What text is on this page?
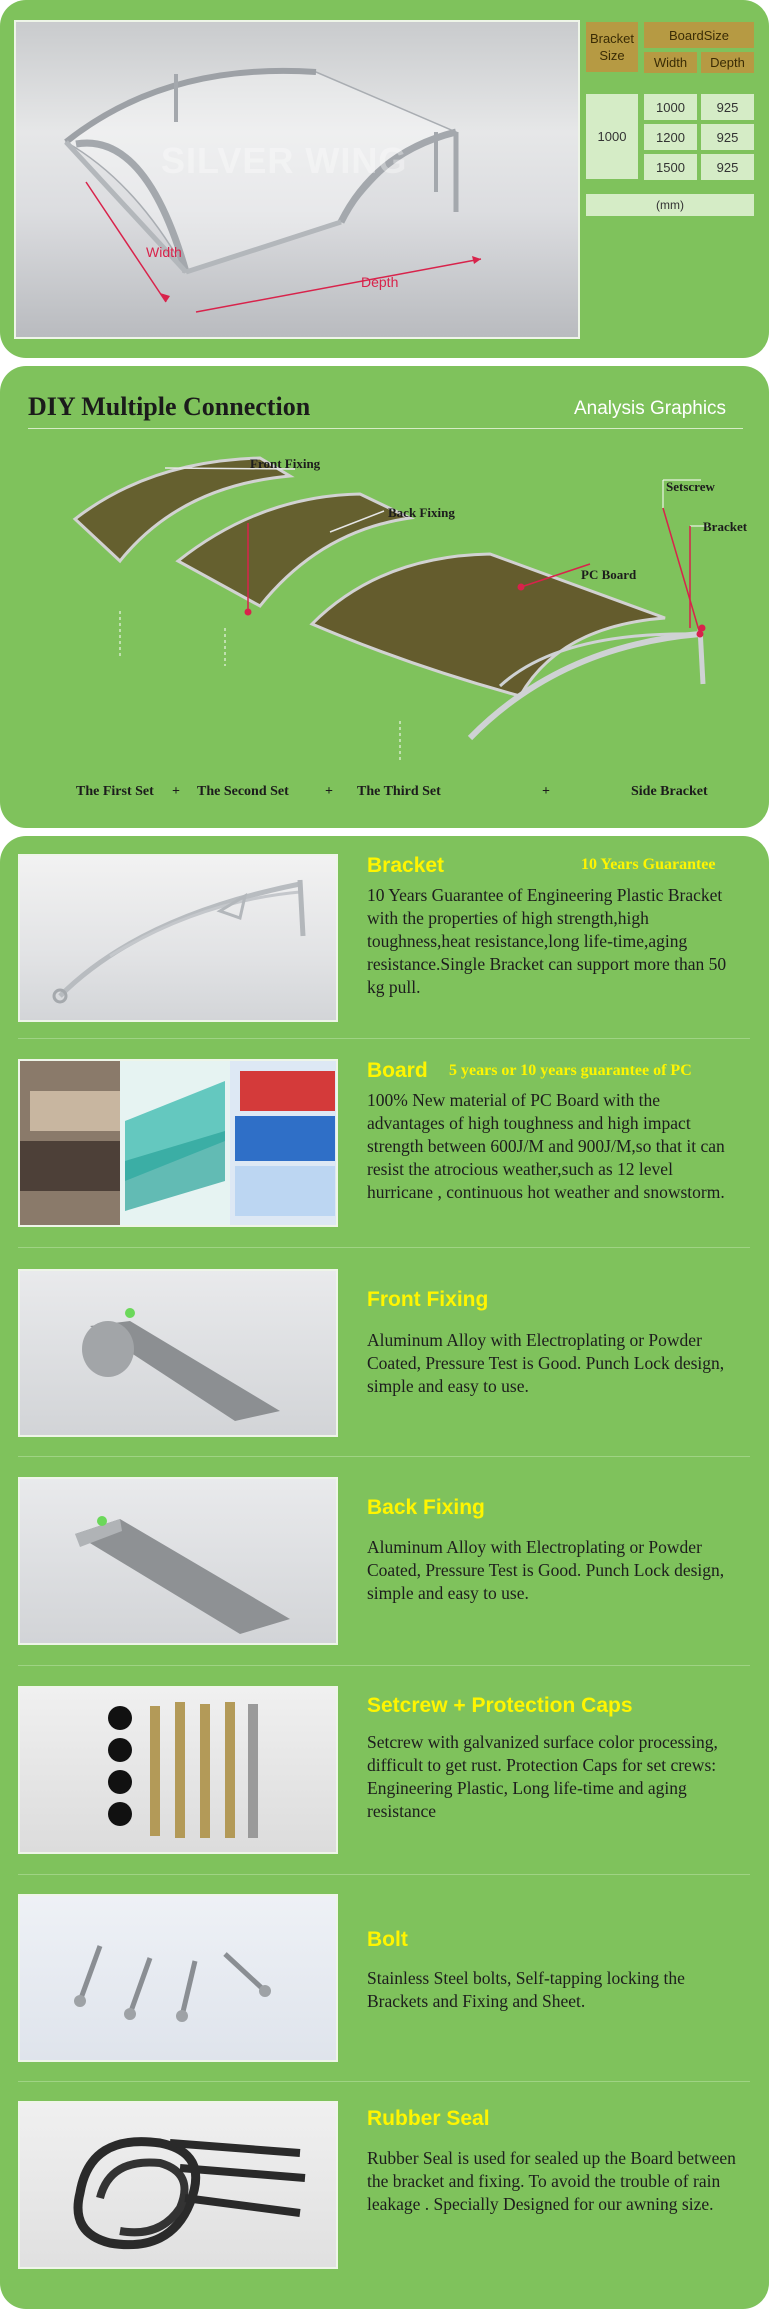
SILVER WING
Width
Depth
Bracket Size
BoardSize
Width	Depth
1000
1000	925
1200	925
1500	925
(mm)
DIY Multiple Connection	Analysis Graphics
Front Fixing
Back Fixing
Setscrew
Bracket
PC Board
The First Set + The Second Set	+ The Third Set	+	Side Bracket
Bracket	10 Years Guarantee
10 Years Guarantee of Engineering Plastic Bracket with the properties of high strength,high toughness,heat resistance,long life-time,aging resistance.Single Bracket can support more than 50 kg pull.
Board 5 years or 10 years guarantee of PC
100% New material of PC Board with the advantages of high toughness and high impact strength between 600J/M and 900J/M,so that it can resist the atrocious weather,such as 12 level hurricane , continuous hot weather and snowstorm.
Front Fixing
Aluminum Alloy with Electroplating or Powder Coated, Pressure Test is Good. Punch Lock design, simple and easy to use.
Back Fixing
Aluminum Alloy with Electroplating or Powder Coated, Pressure Test is Good. Punch Lock design, simple and easy to use.
Setcrew + Protection Caps
Setcrew with galvanized surface color processing, difficult to get rust. Protection Caps for set crews: Engineering Plastic, Long life-time and aging resistance
Bolt
Stainless Steel bolts, Self-tapping locking the Brackets and Fixing and Sheet.
Rubber Seal
Rubber Seal is used for sealed up the Board between the bracket and fixing. To avoid the trouble of rain leakage . Specially Designed for our awning size.
